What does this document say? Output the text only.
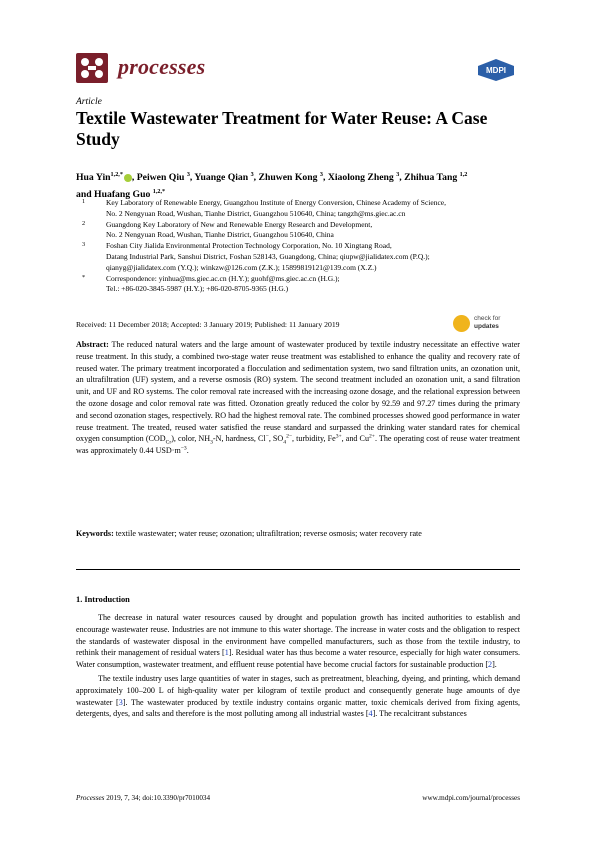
processes	MDPI
Article
Textile Wastewater Treatment for Water Reuse: A Case Study
Hua Yin$^{1,2,*}$ , Peiwen Qiu $^3$, Yuange Qian $^3$, Zhuwen Kong $^3$, Xiaolong Zheng $^3$, Zhihua Tang $^{1,2}$
and Huafang Guo $^{1,2,*}$
1	Key Laboratory of Renewable Energy, Guangzhou Institute of Energy Conversion, Chinese Academy of Science,

No. 2 Nengyuan Road, Wushan, Tianhe District, Guangzhou 510640, China; tangzh@ms.giec.ac.cn

2	Guangdong Key Laboratory of New and Renewable Energy Research and Development,

No. 2 Nengyuan Road, Wushan, Tianhe District, Guangzhou 510640, China

3	Foshan City Jialida Environmental Protection Technology Corporation, No. 10 Xingtang Road,

Datang Industrial Park, Sanshui District, Foshan 528143, Guangdong, China; qiupw@jialidatex.com (P.Q.);

qianyg@jialidatex.com (Y.Q.); winkzw@126.com (Z.K.); 15899819121@139.com (X.Z.)

*	Correspondence: yinhua@ms.giec.ac.cn (H.Y.); guohf@ms.giec.ac.cn (H.G.);

Tel.: +86-020-3845-5987 (H.Y.); +86-020-8705-9365 (H.G.)

Received: 11 December 2018; Accepted: 3 January 2019; Published: 11 January 2019
check for
updates
Abstract: The reduced natural waters and the large amount of wastewater produced by textile industry necessitate an effective water reuse treatment. In this study, a combined two-stage water reuse treatment was established to enhance the quality and recovery rate of reused water. The primary treatment incorporated a flocculation and sedimentation system, two sand filtration units, an ozonation unit, an ultrafiltration (UF) system, and a reverse osmosis (RO) system. The second treatment included an ozonation unit, a sand filtration unit, and UF and RO systems. The color removal rate increased with the increasing ozone dosage, and the relational expression between the ozone dosage and color removal rate was fitted. Ozonation greatly reduced the color by 92.59 and 97.27 times during the primary and second ozonation stages, respectively. RO had the highest removal rate. The combined processes showed good performance in water reuse treatment. The treated, reused water satisfied the reuse standard and surpassed the drinking water standard rates for chemical oxygen consumption $(COD_{Cr})$, color, $NH_3-N$, hardness, Cl−, $SO_4^{2-}$, turbidity, $Fe^{3+}$, and $Cu^{2+}$. The operating cost of reuse water treatment was approximately 0.44 $USD\cdot m^{-3}$.
Keywords: textile wastewater; water reuse; ozonation; ultrafiltration; reverse osmosis; water recovery rate
1. Introduction

The decrease in natural water resources caused by drought and population growth has incited authorities to establish and encourage wastewater reuse. Industries are not immune to this water shortage. The increase in water costs and the obligation to respect the standards of wastewater disposal in the environment have compelled manufacturers, such as those from the textile industry, to rethink their management of residual waters [1]. Residual water has thus become a water resource, especially for high water consumers. Water consumption, wastewater treatment, and effluent reuse potential have become crucial factors for sustainable production [2].

The textile industry uses large quantities of water in stages, such as pretreatment, bleaching, dyeing, and printing, which demand approximately 100–200 L of high-quality water per kilogram of textile product and consequently generate huge amounts of dye wastewater [3]. The wastewater produced by textile industry contains organic matter, toxic chemicals derived from fixing agents, detergents, dyes, and salts and therefore is the most polluting among all industrial wastes [4]. The recalcitrant substances

Processes 2019, 7, 34; doi:10.3390/pr7010034	www.mdpi.com/journal/processes
